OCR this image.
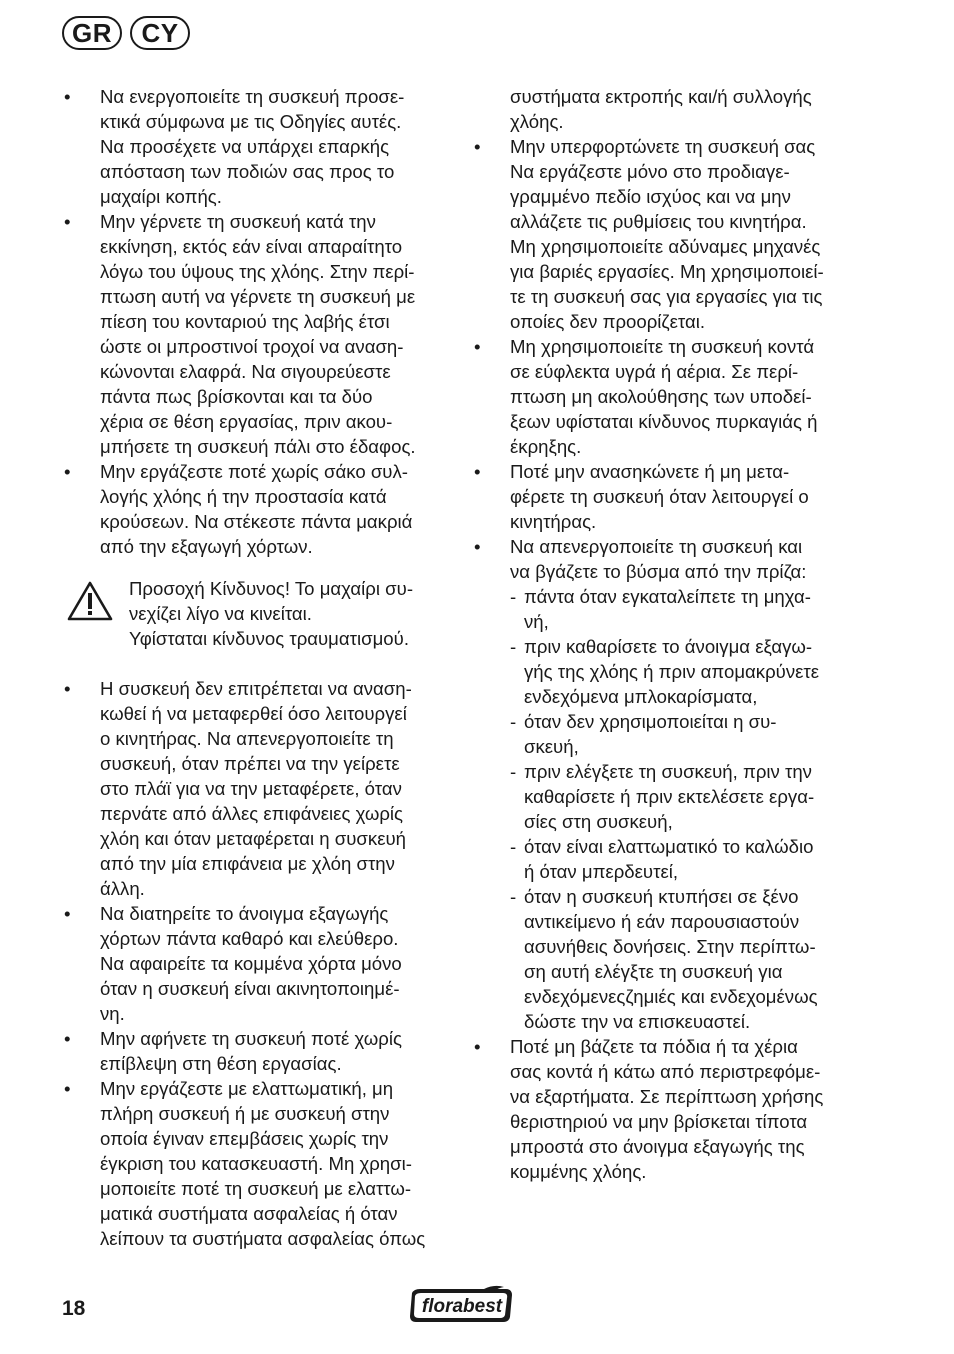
GR	CY
• Να ενεργοποιείτε τη συσκευή προσε-
κτικά σύμφωνα με τις Οδηγίες αυτές.
Να προσέχετε να υπάρχει επαρκής
απόσταση των ποδιών σας προς το
μαχαίρι κοπής.
• Μην γέρνετε τη συσκευή κατά την
εκκίνηση, εκτός εάν είναι απαραίτητο
λόγω του ύψους της χλόης. Στην περί-
πτωση αυτή να γέρνετε τη συσκευή με
πίεση του κονταριού της λαβής έτσι
ώστε οι μπροστινοί τροχοί να αναση-
κώνονται ελαφρά. Να σιγουρεύεστε
πάντα πως βρίσκονται και τα δύο
χέρια σε θέση εργασίας, πριν ακου-
μπήσετε τη συσκευή πάλι στο έδαφος.
• Μην εργάζεστε ποτέ χωρίς σάκο συλ-
λογής χλόης ή την προστασία κατά
κρούσεων. Να στέκεστε πάντα μακριά
από την εξαγωγή χόρτων.
Προσοχή Κίνδυνος! Το μαχαίρι συ-
νεχίζει λίγο να κινείται.
Υφίσταται κίνδυνος τραυματισμού.
• Η συσκευή δεν επιτρέπεται να αναση-
κωθεί ή να μεταφερθεί όσο λειτουργεί
ο κινητήρας. Να απενεργοποιείτε τη
συσκευή, όταν πρέπει να την γείρετε
στο πλάϊ για να την μεταφέρετε, όταν
περνάτε από άλλες επιφάνειες χωρίς
χλόη και όταν μεταφέρεται η συσκευή
από την μία επιφάνεια με χλόη στην
άλλη.
• Να διατηρείτε το άνοιγμα εξαγωγής
χόρτων πάντα καθαρό και ελεύθερο.
Να αφαιρείτε τα κομμένα χόρτα μόνο
όταν η συσκευή είναι ακινητοποιημέ-
νη.
• Μην αφήνετε τη συσκευή ποτέ χωρίς
επίβλεψη στη θέση εργασίας.
• Μην εργάζεστε με ελαττωματική, μη
πλήρη συσκευή ή με συσκευή στην
οποία έγιναν επεμβάσεις χωρίς την
έγκριση του κατασκευαστή. Μη χρησι-
μοποιείτε ποτέ τη συσκευή με ελαττω-
ματικά συστήματα ασφαλείας ή όταν
λείπουν τα συστήματα ασφαλείας όπως
συστήματα εκτροπής και/ή συλλογής
χλόης.
• Μην υπερφορτώνετε τη συσκευή σας
Να εργάζεστε μόνο στο προδιαγε-
γραμμένο πεδίο ισχύος και να μην
αλλάζετε τις ρυθμίσεις του κινητήρα.
Μη χρησιμοποιείτε αδύναμες μηχανές
για βαριές εργασίες. Μη χρησιμοποιεί-
τε τη συσκευή σας για εργασίες για τις
οποίες δεν προορίζεται.
• Μη χρησιμοποιείτε τη συσκευή κοντά
σε εύφλεκτα υγρά ή αέρια. Σε περί-
πτωση μη ακολούθησης των υποδεί-
ξεων υφίσταται κίνδυνος πυρκαγιάς ή
έκρηξης.
• Ποτέ μην ανασηκώνετε ή μη μετα-
φέρετε τη συσκευή όταν λειτουργεί ο
κινητήρας.
• Να απενεργοποιείτε τη συσκευή και
να βγάζετε το βύσμα από την πρίζα:
- πάντα όταν εγκαταλείπετε τη μηχα-
νή,
- πριν καθαρίσετε το άνοιγμα εξαγω-
γής της χλόης ή πριν απομακρύνετε
ενδεχόμενα μπλοκαρίσματα,
- όταν δεν χρησιμοποιείται η συ-
σκευή,
- πριν ελέγξετε τη συσκευή, πριν την
καθαρίσετε ή πριν εκτελέσετε εργα-
σίες στη συσκευή,
- όταν είναι ελαττωματικό το καλώδιο
ή όταν μπερδευτεί,
- όταν η συσκευή κτυπήσει σε ξένο
αντικείμενο ή εάν παρουσιαστούν
ασυνήθεις δονήσεις. Στην περίπτω-
ση αυτή ελέγξτε τη συσκευή για
ενδεχόμενεςζημιές και ενδεχομένως
δώστε την να επισκευαστεί.
• Ποτέ μη βάζετε τα πόδια ή τα χέρια
σας κοντά ή κάτω από περιστρεφόμε-
να εξαρτήματα. Σε περίπτωση χρήσης
θεριστηριού να μην βρίσκεται τίποτα
μπροστά στο άνοιγμα εξαγωγής της
κομμένης χλόης.
18	florabest
